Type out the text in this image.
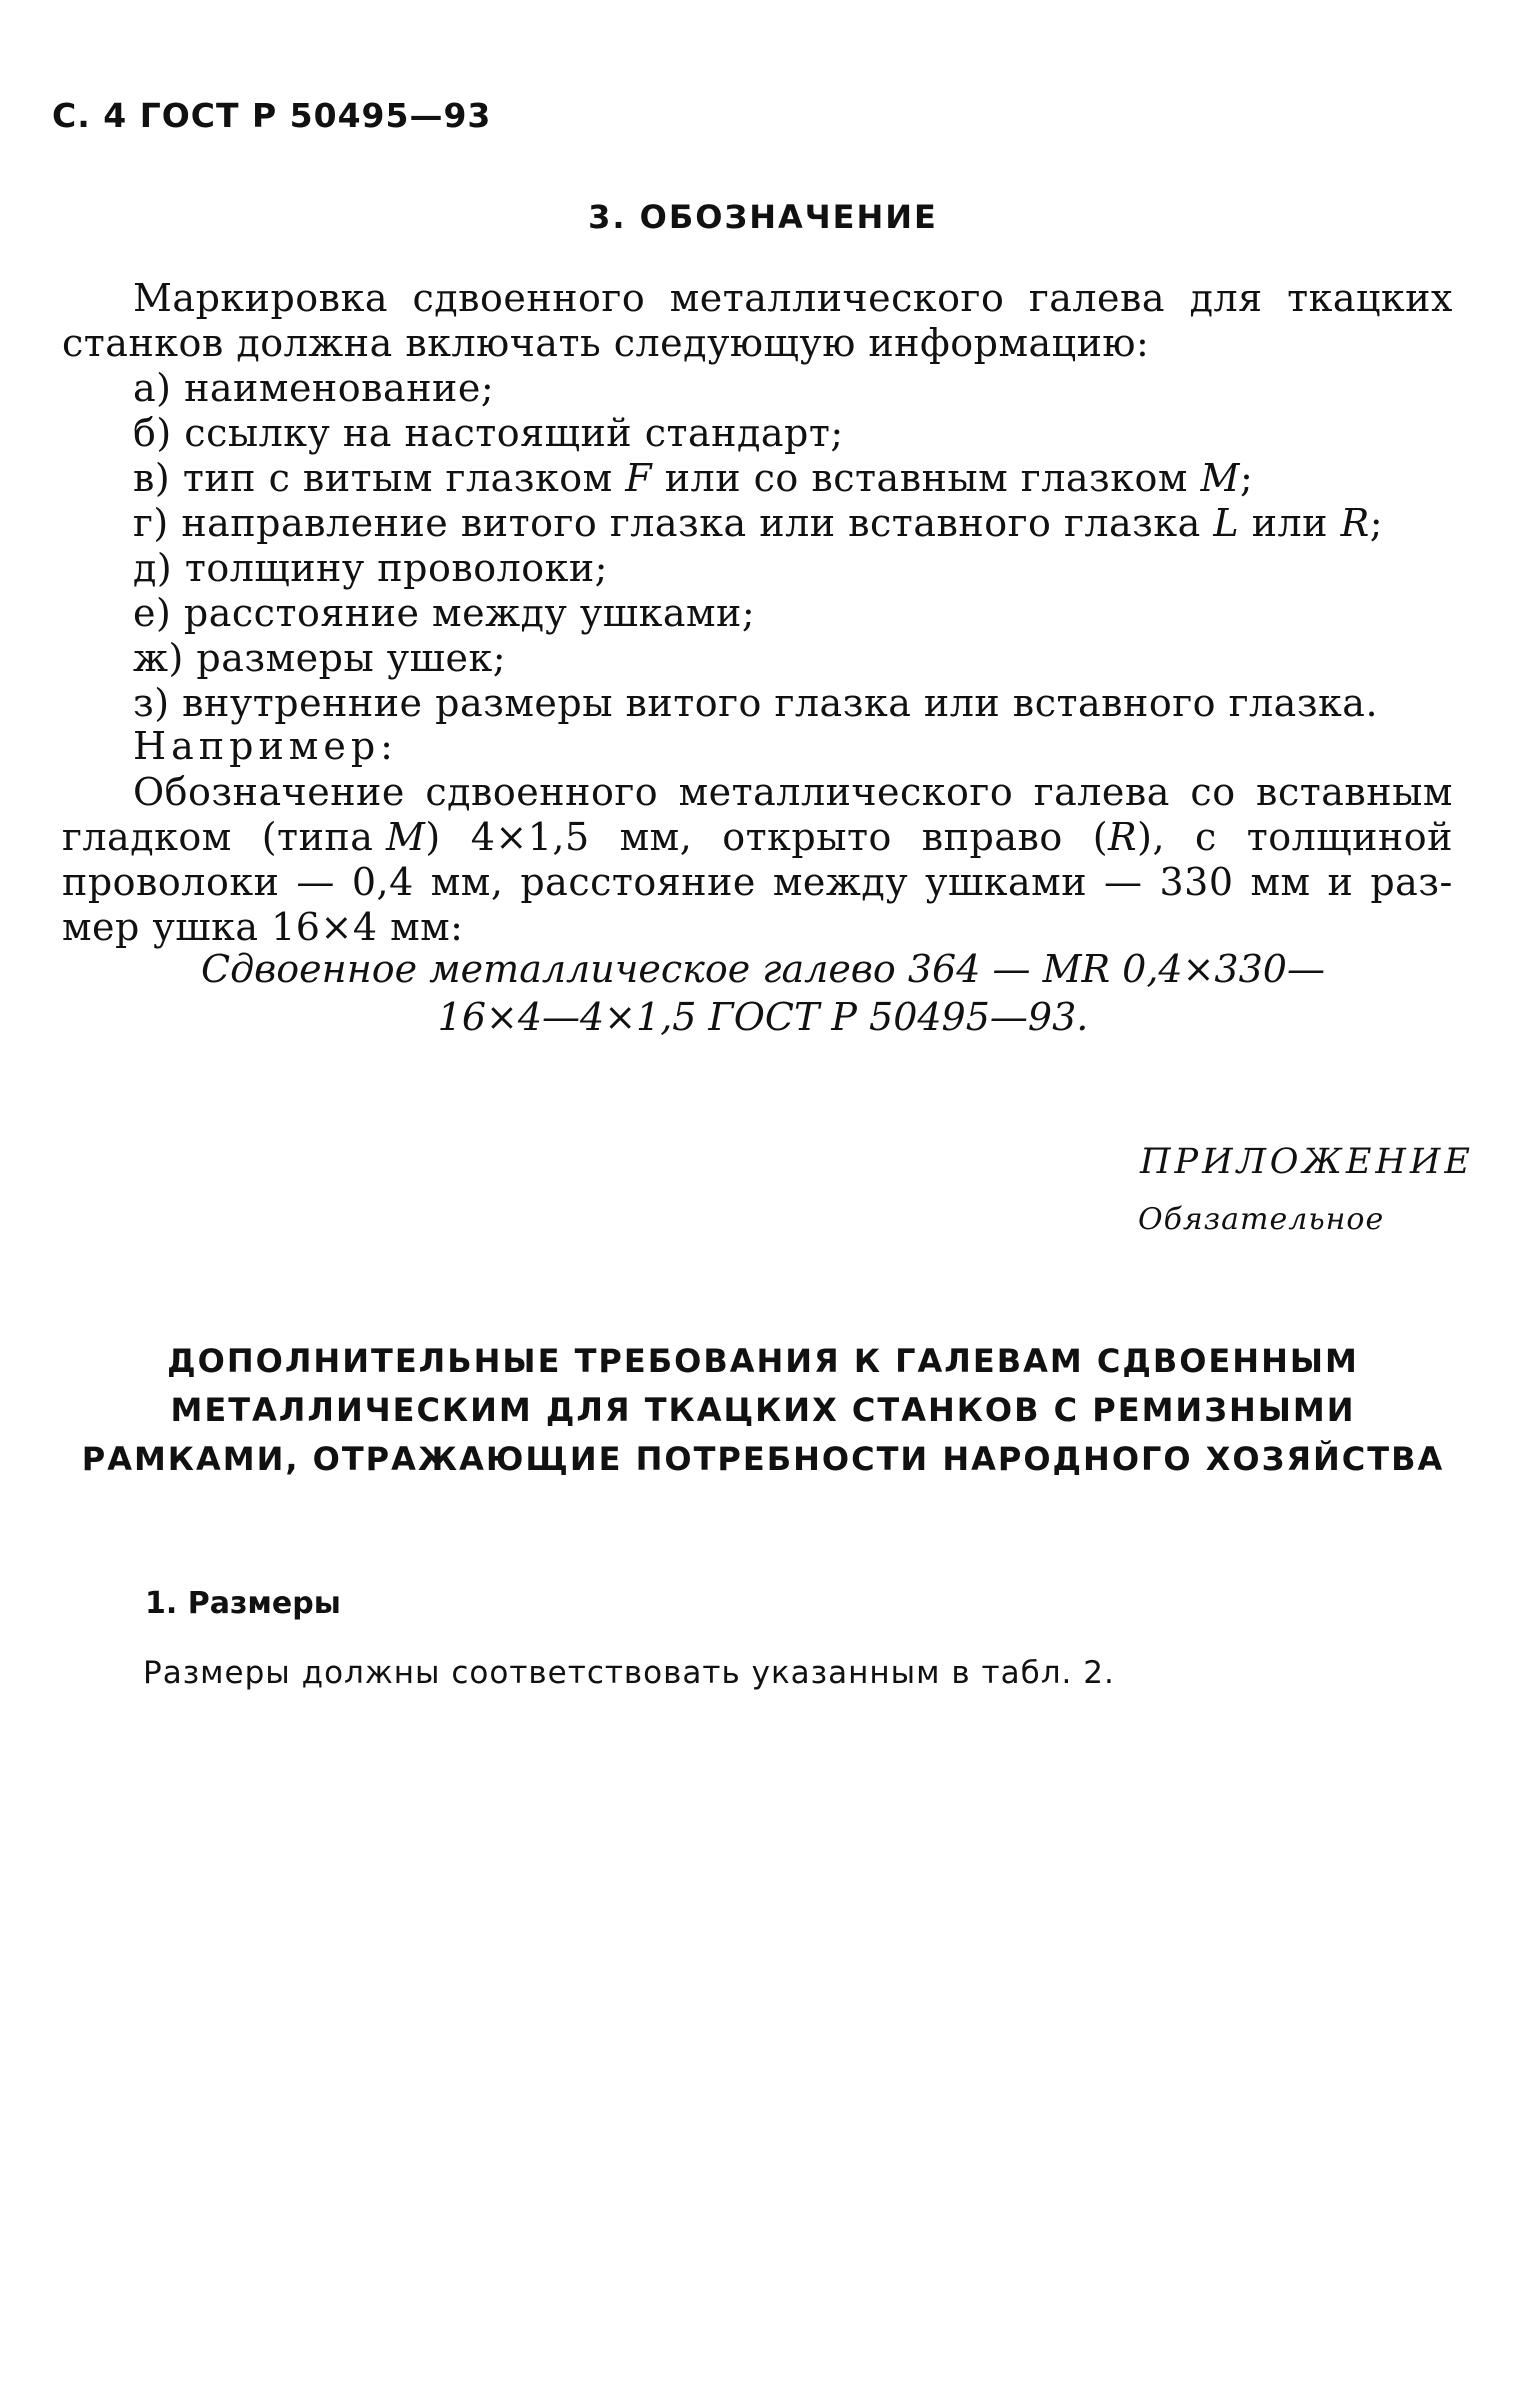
С. 4 ГОСТ Р 50495—93
3. ОБОЗНАЧЕНИЕ
Маркировка сдвоенного металлического галева для ткацких
станков должна включать следующую информацию:
а) наименование;
б) ссылку на настоящий стандарт;
в) тип с витым глазком F или со вставным глазком М;
г) направление витого глазка или вставного глазка L или R;
д) толщину проволоки;
е) расстояние между ушками;
ж) размеры ушек;
з) внутренние размеры витого глазка или вставного глазка.
Например:
Обозначение сдвоенного металлического галева со вставным
гладком (типа М) 4×1,5 мм, открыто вправо (R), с толщиной
проволоки — 0,4 мм, расстояние между ушками — 330 мм и раз-
мер ушка 16×4 мм:
Сдвоенное металлическое галево 364 — MR 0,4×330—
16×4—4×1,5 ГОСТ Р 50495—93.
ПРИЛОЖЕНИЕ
Обязательное
ДОПОЛНИТЕЛЬНЫЕ ТРЕБОВАНИЯ К ГАЛЕВАМ СДВОЕННЫМ
МЕТАЛЛИЧЕСКИМ ДЛЯ ТКАЦКИХ СТАНКОВ С РЕМИЗНЫМИ
РАМКАМИ, ОТРАЖАЮЩИЕ ПОТРЕБНОСТИ НАРОДНОГО ХОЗЯЙСТВА
1. Размеры
Размеры должны соответствовать указанным в табл. 2.
